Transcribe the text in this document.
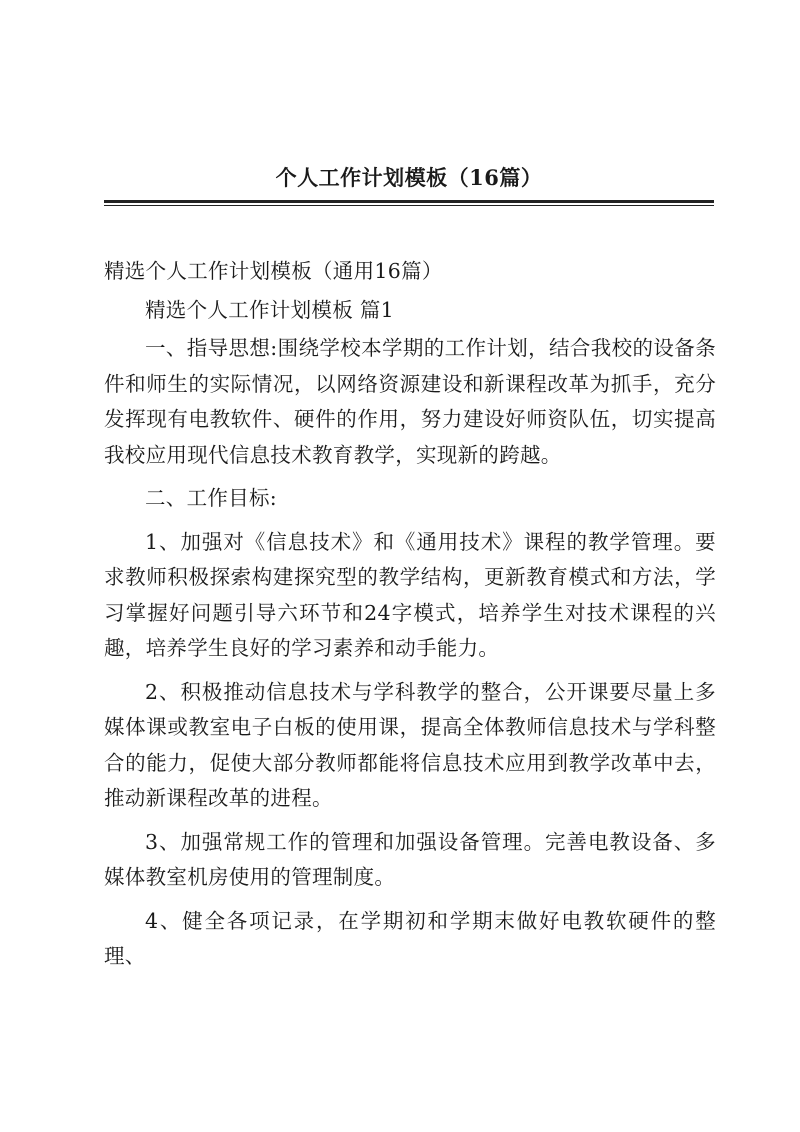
个人工作计划模板（16篇）

精选个人工作计划模板（通用16篇）

精选个人工作计划模板 篇1

一、指导思想:围绕学校本学期的工作计划，结合我校的设备条件和师生的实际情况，以网络资源建设和新课程改革为抓手，充分发挥现有电教软件、硬件的作用，努力建设好师资队伍，切实提高我校应用现代信息技术教育教学，实现新的跨越。

二、工作目标:

1、加强对《信息技术》和《通用技术》课程的教学管理。要求教师积极探索构建探究型的教学结构，更新教育模式和方法，学习掌握好问题引导六环节和24字模式，培养学生对技术课程的兴趣，培养学生良好的学习素养和动手能力。

2、积极推动信息技术与学科教学的整合，公开课要尽量上多媒体课或教室电子白板的使用课，提高全体教师信息技术与学科整合的能力，促使大部分教师都能将信息技术应用到教学改革中去，推动新课程改革的进程。

3、加强常规工作的管理和加强设备管理。完善电教设备、多媒体教室机房使用的管理制度。

4、健全各项记录，在学期初和学期末做好电教软硬件的整理、
